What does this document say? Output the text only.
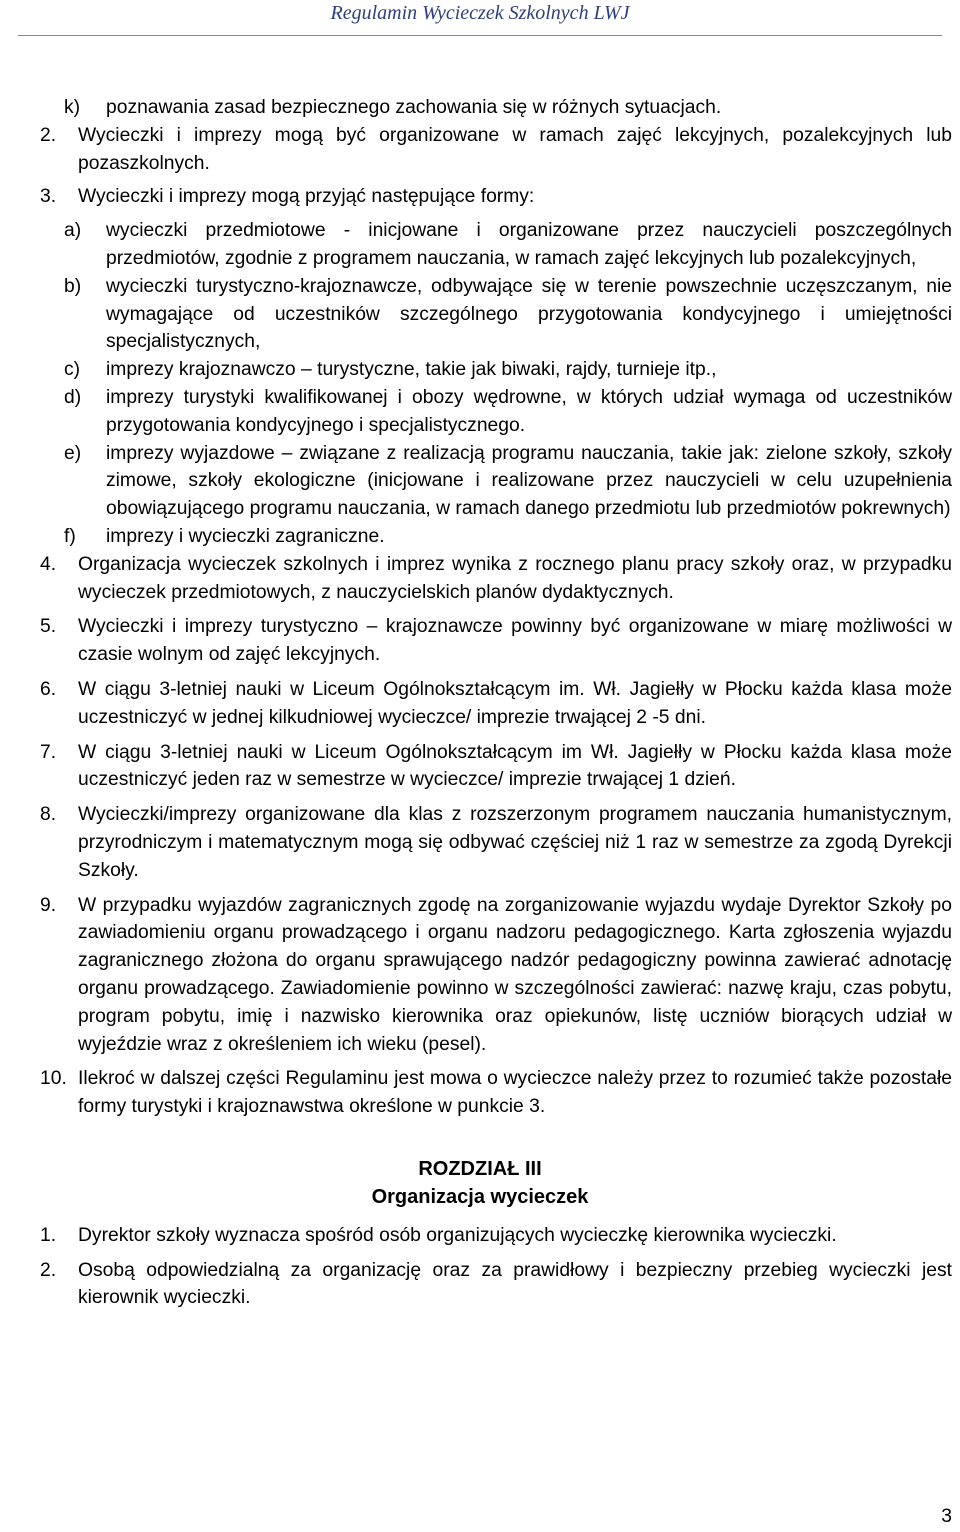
Regulamin Wycieczek Szkolnych LWJ
k) poznawania zasad bezpiecznego zachowania się w różnych sytuacjach.
2. Wycieczki i imprezy mogą być organizowane w ramach zajęć lekcyjnych, pozalekcyjnych lub pozaszkolnych.
3. Wycieczki i imprezy mogą przyjąć następujące formy:
a) wycieczki przedmiotowe - inicjowane i organizowane przez nauczycieli poszczególnych przedmiotów, zgodnie z programem nauczania, w ramach zajęć lekcyjnych lub pozalekcyjnych,
b) wycieczki turystyczno-krajoznawcze, odbywające się w terenie powszechnie uczęszczanym, nie wymagające od uczestników szczególnego przygotowania kondycyjnego i umiejętności specjalistycznych,
c) imprezy krajoznawczo – turystyczne, takie jak biwaki, rajdy, turnieje itp.,
d) imprezy turystyki kwalifikowanej i obozy wędrowne, w których udział wymaga od uczestników przygotowania kondycyjnego i specjalistycznego.
e) imprezy wyjazdowe – związane z realizacją programu nauczania, takie jak: zielone szkoły, szkoły zimowe, szkoły ekologiczne (inicjowane i realizowane przez nauczycieli w celu uzupełnienia obowiązującego programu nauczania, w ramach danego przedmiotu lub przedmiotów pokrewnych)
f) imprezy i wycieczki zagraniczne.
4. Organizacja wycieczek szkolnych i imprez wynika z rocznego planu pracy szkoły oraz, w przypadku wycieczek przedmiotowych, z nauczycielskich planów dydaktycznych.
5. Wycieczki i imprezy turystyczno – krajoznawcze powinny być organizowane w miarę możliwości w czasie wolnym od zajęć lekcyjnych.
6. W ciągu 3-letniej nauki w Liceum Ogólnokształcącym im. Wł. Jagiełły w Płocku każda klasa może uczestniczyć w jednej kilkudniowej wycieczce/ imprezie trwającej 2 -5 dni.
7. W ciągu 3-letniej nauki w Liceum Ogólnokształcącym im Wł. Jagiełły w Płocku każda klasa może uczestniczyć jeden raz w semestrze w wycieczce/ imprezie trwającej 1 dzień.
8. Wycieczki/imprezy organizowane dla klas z rozszerzonym programem nauczania humanistycznym, przyrodniczym i matematycznym mogą się odbywać częściej niż 1 raz w semestrze za zgodą Dyrekcji Szkoły.
9. W przypadku wyjazdów zagranicznych zgodę na zorganizowanie wyjazdu wydaje Dyrektor Szkoły po zawiadomieniu organu prowadzącego i organu nadzoru pedagogicznego. Karta zgłoszenia wyjazdu zagranicznego złożona do organu sprawującego nadzór pedagogiczny powinna zawierać adnotację organu prowadzącego. Zawiadomienie powinno w szczególności zawierać: nazwę kraju, czas pobytu, program pobytu, imię i nazwisko kierownika oraz opiekunów, listę uczniów biorących udział w wyjeździe wraz z określeniem ich wieku (pesel).
10. Ilekroć w dalszej części Regulaminu jest mowa o wycieczce należy przez to rozumieć także pozostałe formy turystyki i krajoznawstwa określone w punkcie 3.
ROZDZIAŁ III
Organizacja wycieczek
1. Dyrektor szkoły wyznacza spośród osób organizujących wycieczkę kierownika wycieczki.
2. Osobą odpowiedzialną za organizację oraz za prawidłowy i bezpieczny przebieg wycieczki jest kierownik wycieczki.
3
